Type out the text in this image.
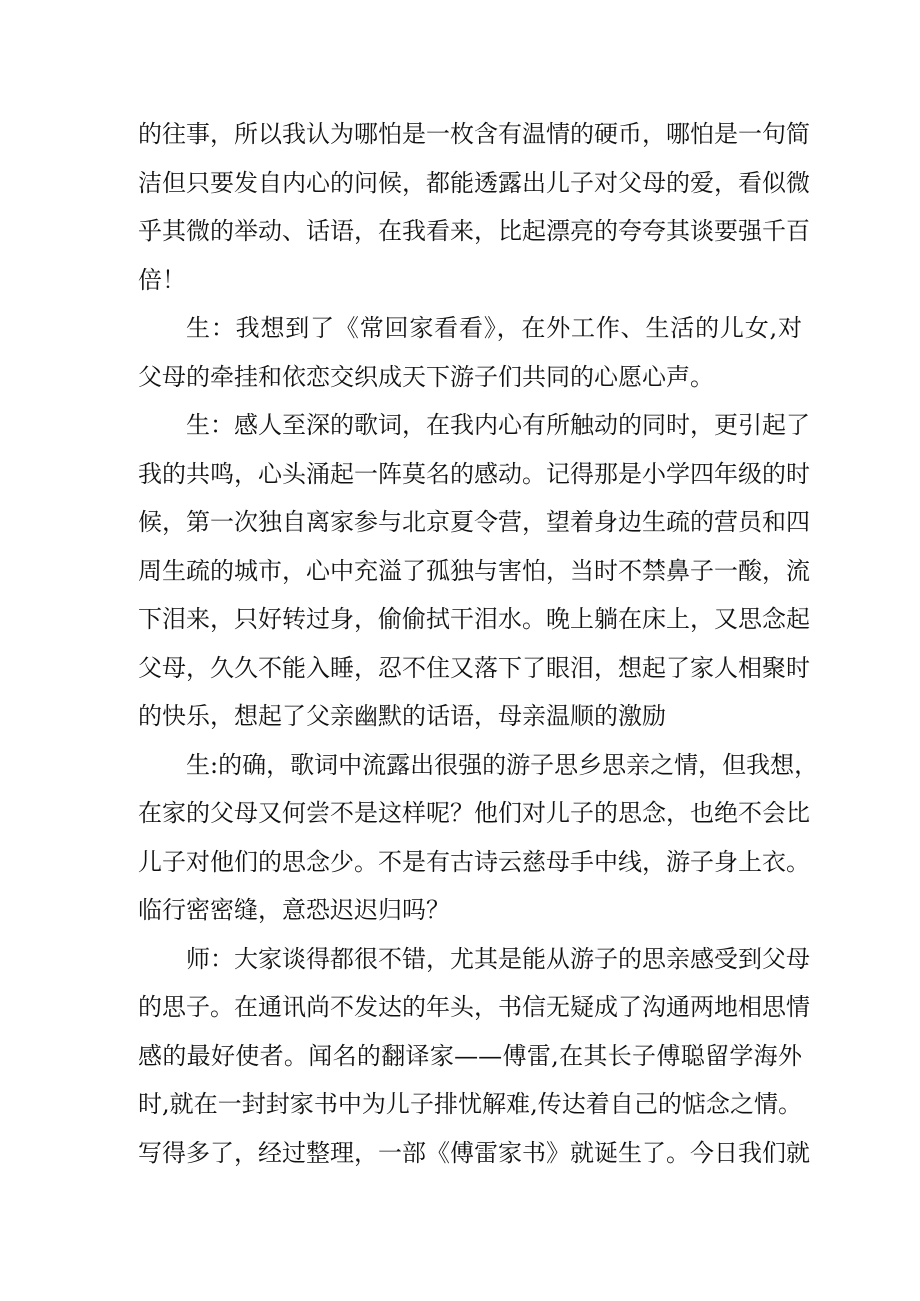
的往事，所以我认为哪怕是一枚含有温情的硬币，哪怕是一句简
洁但只要发自内心的问候，都能透露出儿子对父母的爱，看似微
乎其微的举动、话语，在我看来，比起漂亮的夸夸其谈要强千百
倍！
生：我想到了《常回家看看》，在外工作、生活的儿女,对
父母的牵挂和依恋交织成天下游子们共同的心愿心声。
生：感人至深的歌词，在我内心有所触动的同时，更引起了
我的共鸣，心头涌起一阵莫名的感动。记得那是小学四年级的时
候，第一次独自离家参与北京夏令营，望着身边生疏的营员和四
周生疏的城市，心中充溢了孤独与害怕，当时不禁鼻子一酸，流
下泪来，只好转过身，偷偷拭干泪水。晚上躺在床上，又思念起
父母，久久不能入睡，忍不住又落下了眼泪，想起了家人相聚时
的快乐，想起了父亲幽默的话语，母亲温顺的激励
生:的确，歌词中流露出很强的游子思乡思亲之情，但我想，
在家的父母又何尝不是这样呢？他们对儿子的思念，也绝不会比
儿子对他们的思念少。不是有古诗云慈母手中线，游子身上衣。
临行密密缝，意恐迟迟归吗？
师：大家谈得都很不错，尤其是能从游子的思亲感受到父母
的思子。在通讯尚不发达的年头，书信无疑成了沟通两地相思情
感的最好使者。闻名的翻译家——傅雷,在其长子傅聪留学海外
时,就在一封封家书中为儿子排忧解难,传达着自己的惦念之情。
写得多了，经过整理，一部《傅雷家书》就诞生了。今日我们就
